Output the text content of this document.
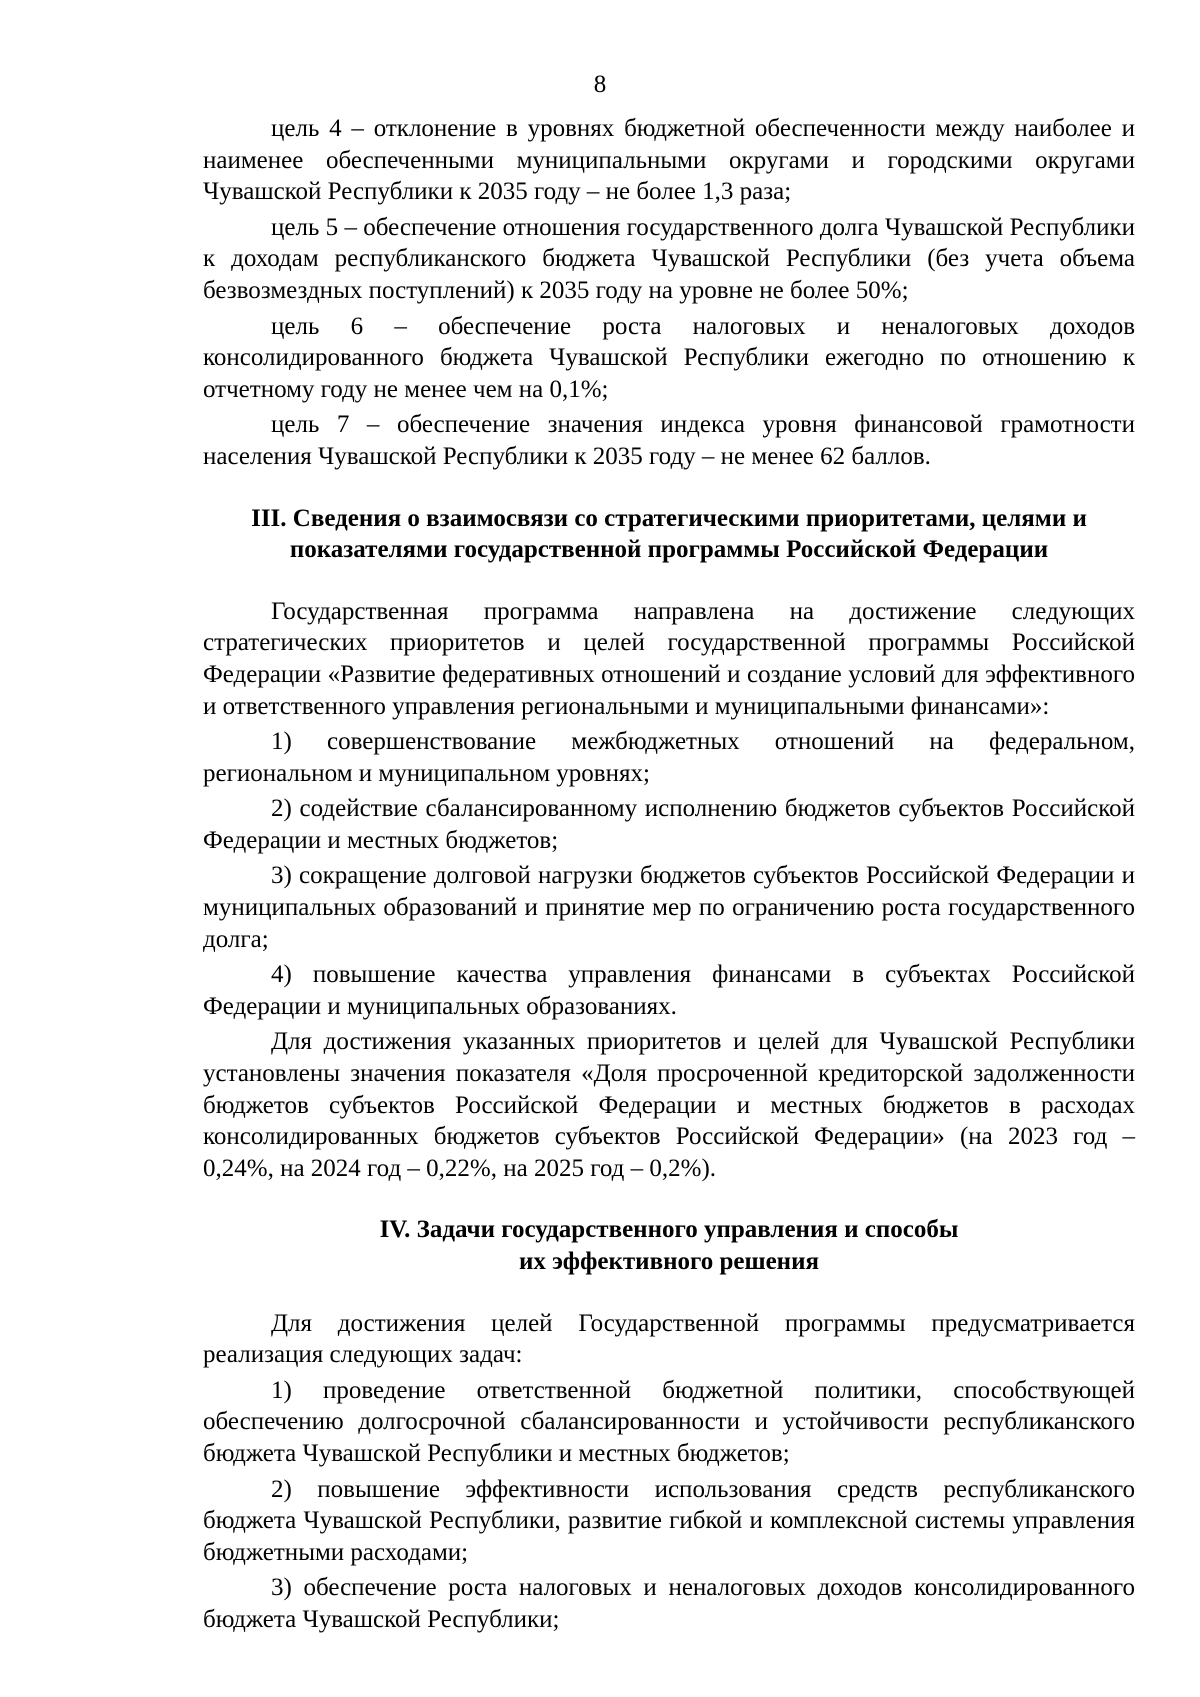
8

цель 4 – отклонение в уровнях бюджетной обеспеченности между наиболее и наименее обеспеченными муниципальными округами и городскими округами Чувашской Республики к 2035 году – не более 1,3 раза;

цель 5 – обеспечение отношения государственного долга Чувашской Республики к доходам республиканского бюджета Чувашской Республики (без учета объема безвозмездных поступлений) к 2035 году на уровне не более 50%;

цель 6 – обеспечение роста налоговых и неналоговых доходов консолидированного бюджета Чувашской Республики ежегодно по отношению к отчетному году не менее чем на 0,1%;

цель 7 – обеспечение значения индекса уровня финансовой грамотности населения Чувашской Республики к 2035 году – не менее 62 баллов.

III. Сведения о взаимосвязи со стратегическими приоритетами, целями и
показателями государственной программы Российской Федерации

Государственная программа направлена на достижение следующих стратегических приоритетов и целей государственной программы Российской Федерации «Развитие федеративных отношений и создание условий для эффективного и ответственного управления региональными и муниципальными финансами»:

1) совершенствование межбюджетных отношений на федеральном, региональном и муниципальном уровнях;

2) содействие сбалансированному исполнению бюджетов субъектов Российской Федерации и местных бюджетов;

3) сокращение долговой нагрузки бюджетов субъектов Российской Федерации и муниципальных образований и принятие мер по ограничению роста государственного долга;

4) повышение качества управления финансами в субъектах Российской Федерации и муниципальных образованиях.

Для достижения указанных приоритетов и целей для Чувашской Республики установлены значения показателя «Доля просроченной кредиторской задолженности бюджетов субъектов Российской Федерации и местных бюджетов в расходах консолидированных бюджетов субъектов Российской Федерации» (на 2023 год – 0,24%, на 2024 год – 0,22%, на 2025 год – 0,2%).

IV. Задачи государственного управления и способы
их эффективного решения

Для достижения целей Государственной программы предусматривается реализация следующих задач:

1) проведение ответственной бюджетной политики, способствующей обеспечению долгосрочной сбалансированности и устойчивости республиканского бюджета Чувашской Республики и местных бюджетов;

2) повышение эффективности использования средств республиканского бюджета Чувашской Республики, развитие гибкой и комплексной системы управления бюджетными расходами;

3) обеспечение роста налоговых и неналоговых доходов консолидированного бюджета Чувашской Республики;
